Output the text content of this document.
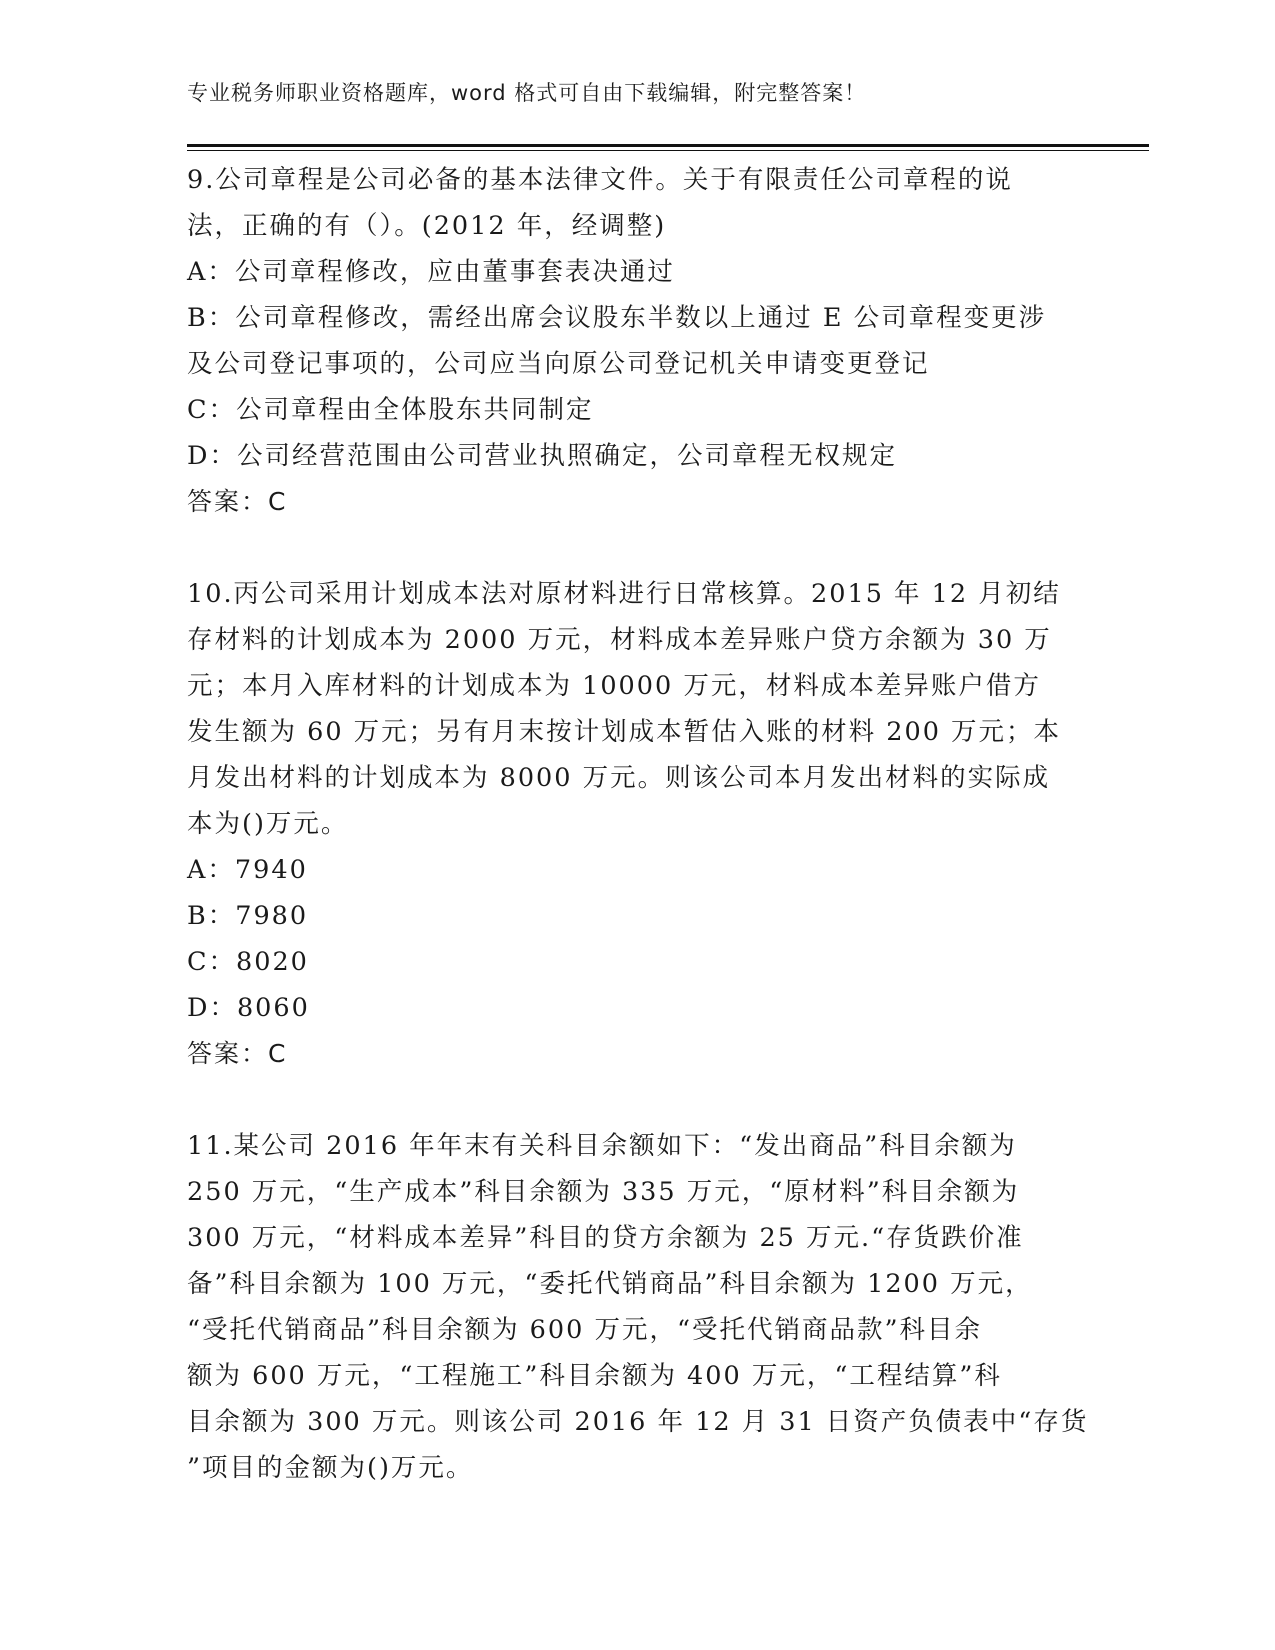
专业税务师职业资格题库，word 格式可自由下载编辑，附完整答案！
9.公司章程是公司必备的基本法律文件。关于有限责任公司章程的说
法，正确的有（）。(2012 年，经调整)
A：公司章程修改，应由董事套表决通过
B：公司章程修改，需经出席会议股东半数以上通过 E 公司章程变更涉
及公司登记事项的，公司应当向原公司登记机关申请变更登记
C：公司章程由全体股东共同制定
D：公司经营范围由公司营业执照确定，公司章程无权规定
答案：C
10.丙公司采用计划成本法对原材料进行日常核算。2015 年 12 月初结
存材料的计划成本为 2000 万元，材料成本差异账户贷方余额为 30 万
元；本月入库材料的计划成本为 10000 万元，材料成本差异账户借方
发生额为 60 万元；另有月末按计划成本暂估入账的材料 200 万元；本
月发出材料的计划成本为 8000 万元。则该公司本月发出材料的实际成
本为()万元。
A：7940
B：7980
C：8020
D：8060
答案：C
11.某公司 2016 年年末有关科目余额如下：“发出商品”科目余额为
250 万元，“生产成本”科目余额为 335 万元，“原材料”科目余额为
300 万元，“材料成本差异”科目的贷方余额为 25 万元.“存货跌价准
备”科目余额为 100 万元，“委托代销商品”科目余额为 1200 万元，
“受托代销商品”科目余额为 600 万元，“受托代销商品款”科目余
额为 600 万元，“工程施工”科目余额为 400 万元，“工程结算”科
目余额为 300 万元。则该公司 2016 年 12 月 31 日资产负债表中“存货
”项目的金额为()万元。
